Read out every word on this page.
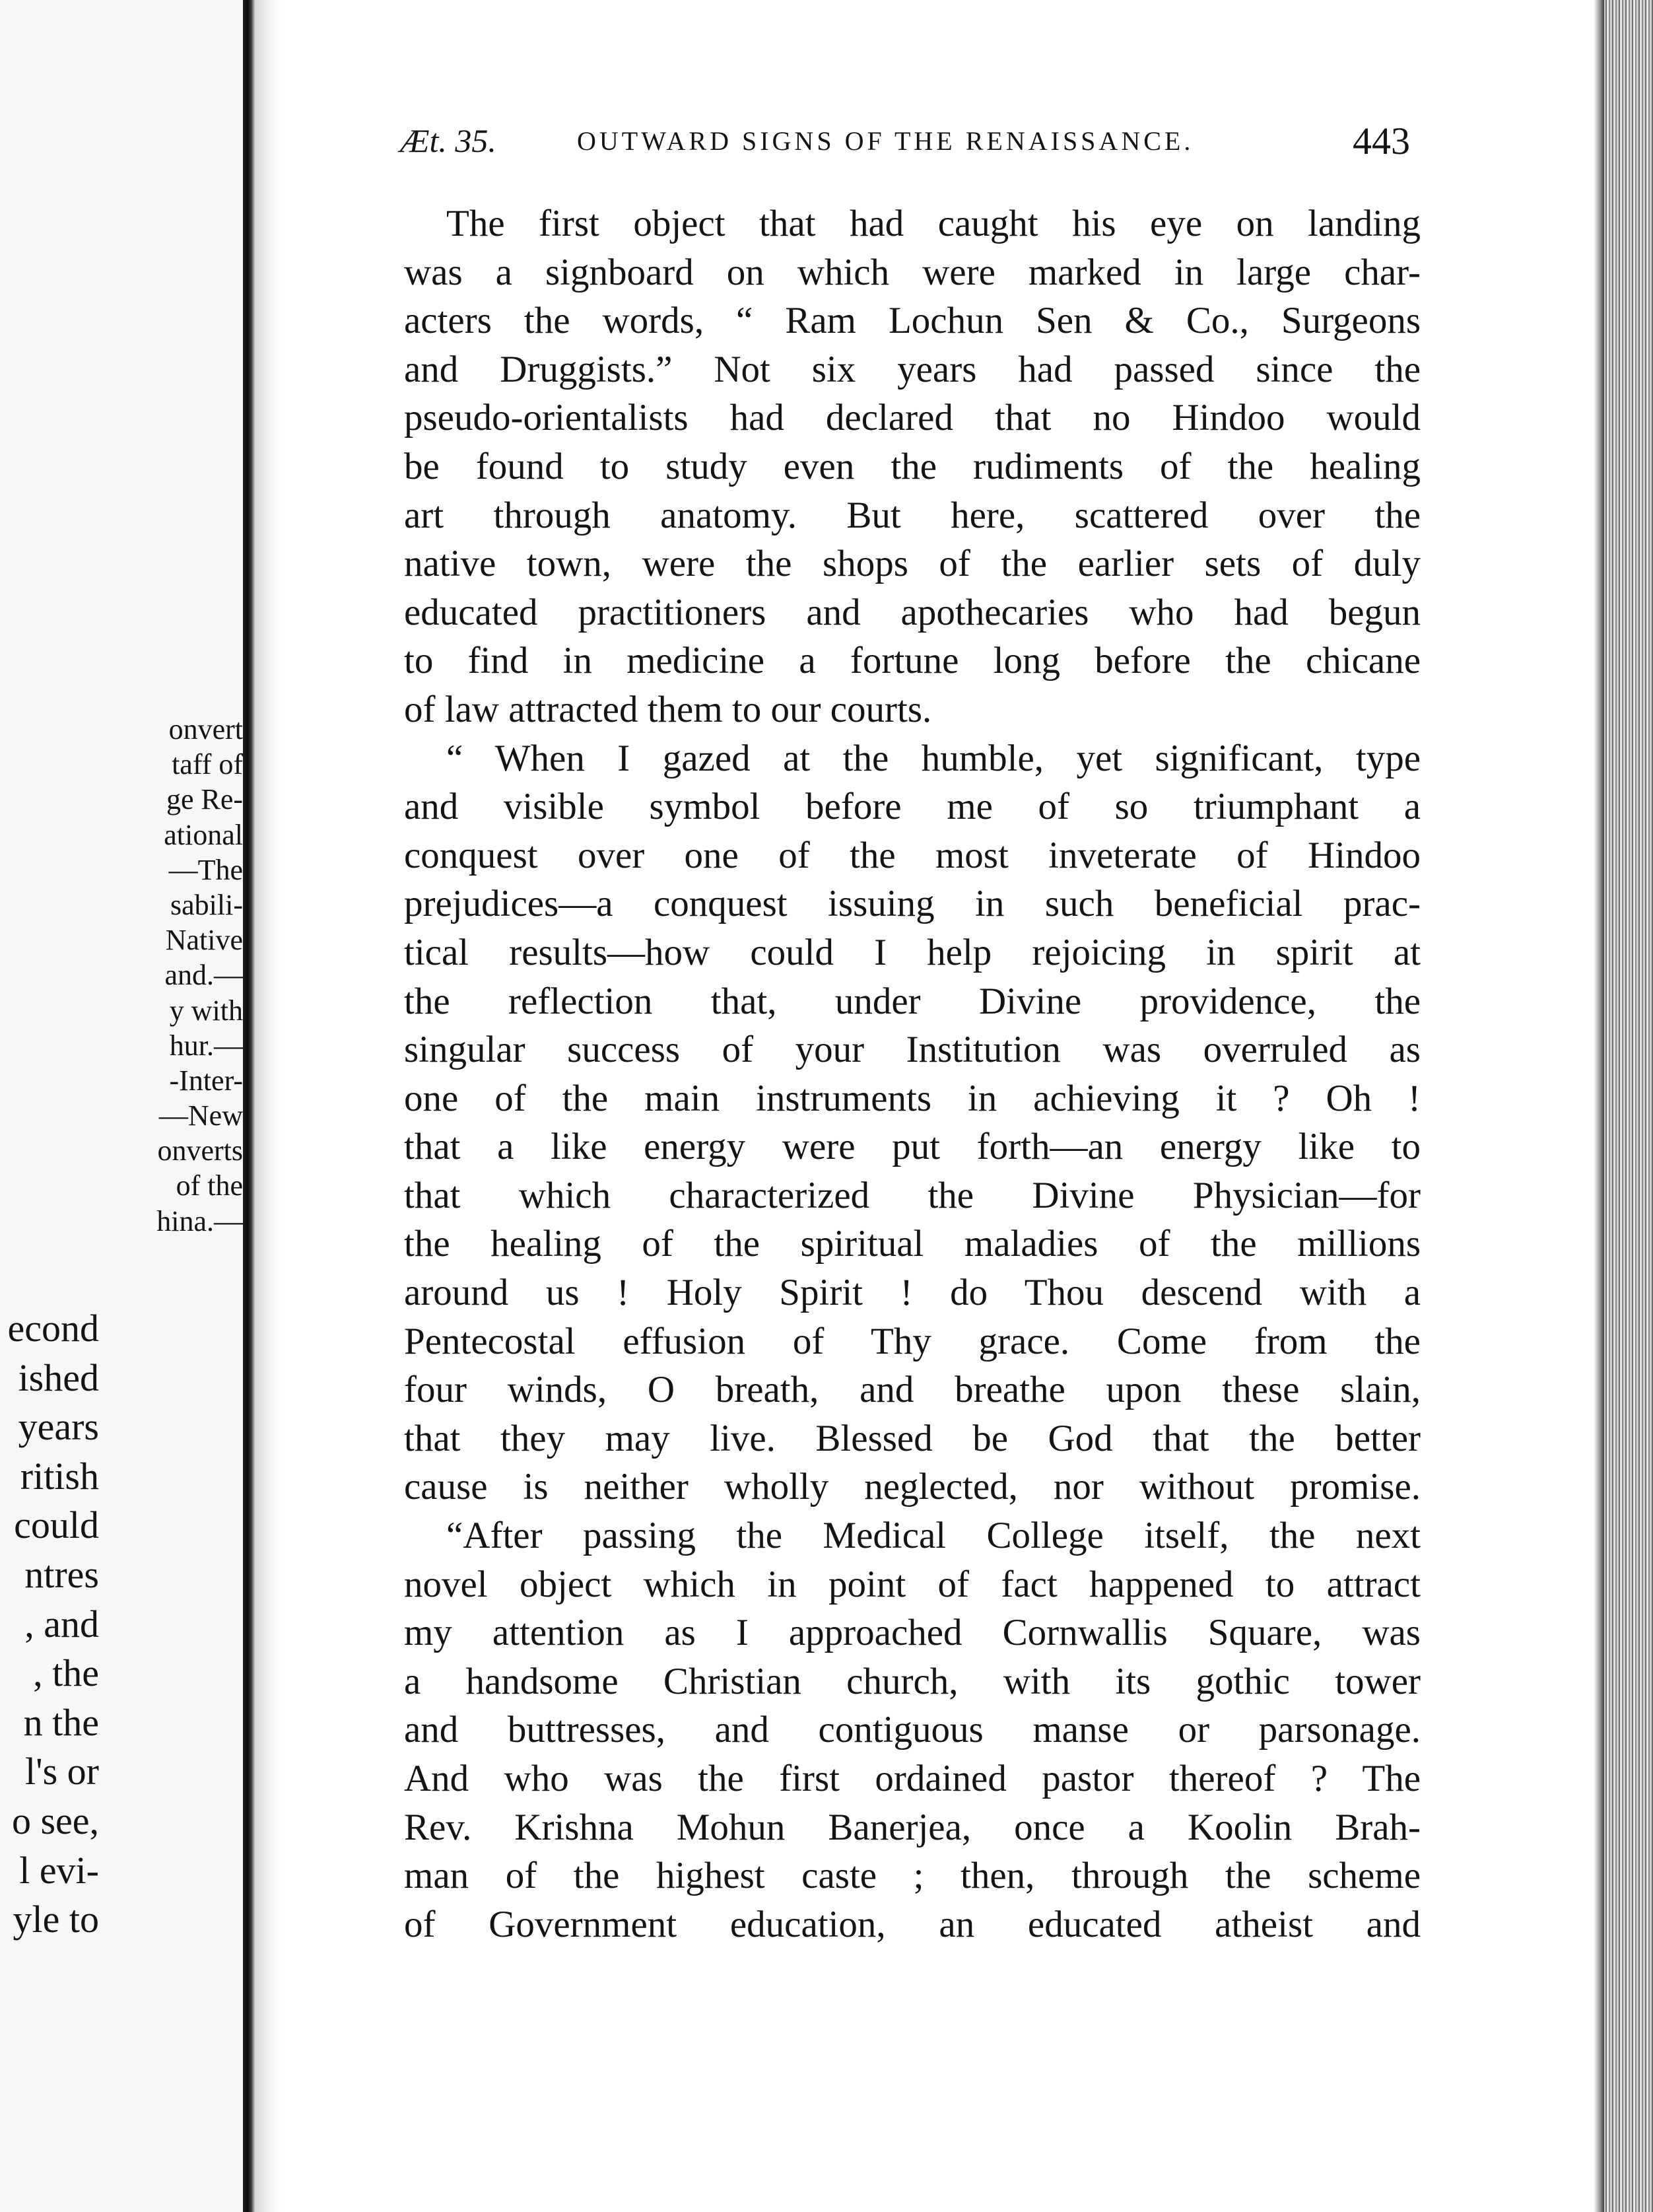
onvert
taff of
ge Re-
ational
—The
sabili-
Native
and.—
y with
hur.—
-Inter-
—New
onverts
of the
hina.—
econd
ished
years
ritish
could
ntres
, and
, the
n the
l's or
o see,
l evi-
yle to
Æt. 35.	OUTWARD SIGNS OF THE RENAISSANCE.	443
The first object that had caught his eye on landing
was a signboard on which were marked in large char-
acters the words, “ Ram Lochun Sen & Co., Surgeons
and Druggists.” Not six years had passed since the
pseudo-orientalists had declared that no Hindoo would
be found to study even the rudiments of the healing
art through anatomy. But here, scattered over the
native town, were the shops of the earlier sets of duly
educated practitioners and apothecaries who had begun
to find in medicine a fortune long before the chicane
of law attracted them to our courts.
“ When I gazed at the humble, yet significant, type
and visible symbol before me of so triumphant a
conquest over one of the most inveterate of Hindoo
prejudices—a conquest issuing in such beneficial prac-
tical results—how could I help rejoicing in spirit at
the reflection that, under Divine providence, the
singular success of your Institution was overruled as
one of the main instruments in achieving it ? Oh !
that a like energy were put forth—an energy like to
that which characterized the Divine Physician—for
the healing of the spiritual maladies of the millions
around us ! Holy Spirit ! do Thou descend with a
Pentecostal effusion of Thy grace. Come from the
four winds, O breath, and breathe upon these slain,
that they may live. Blessed be God that the better
cause is neither wholly neglected, nor without promise.
“After passing the Medical College itself, the next
novel object which in point of fact happened to attract
my attention as I approached Cornwallis Square, was
a handsome Christian church, with its gothic tower
and buttresses, and contiguous manse or parsonage.
And who was the first ordained pastor thereof ? The
Rev. Krishna Mohun Banerjea, once a Koolin Brah-
man of the highest caste ; then, through the scheme
of Government education, an educated atheist and
